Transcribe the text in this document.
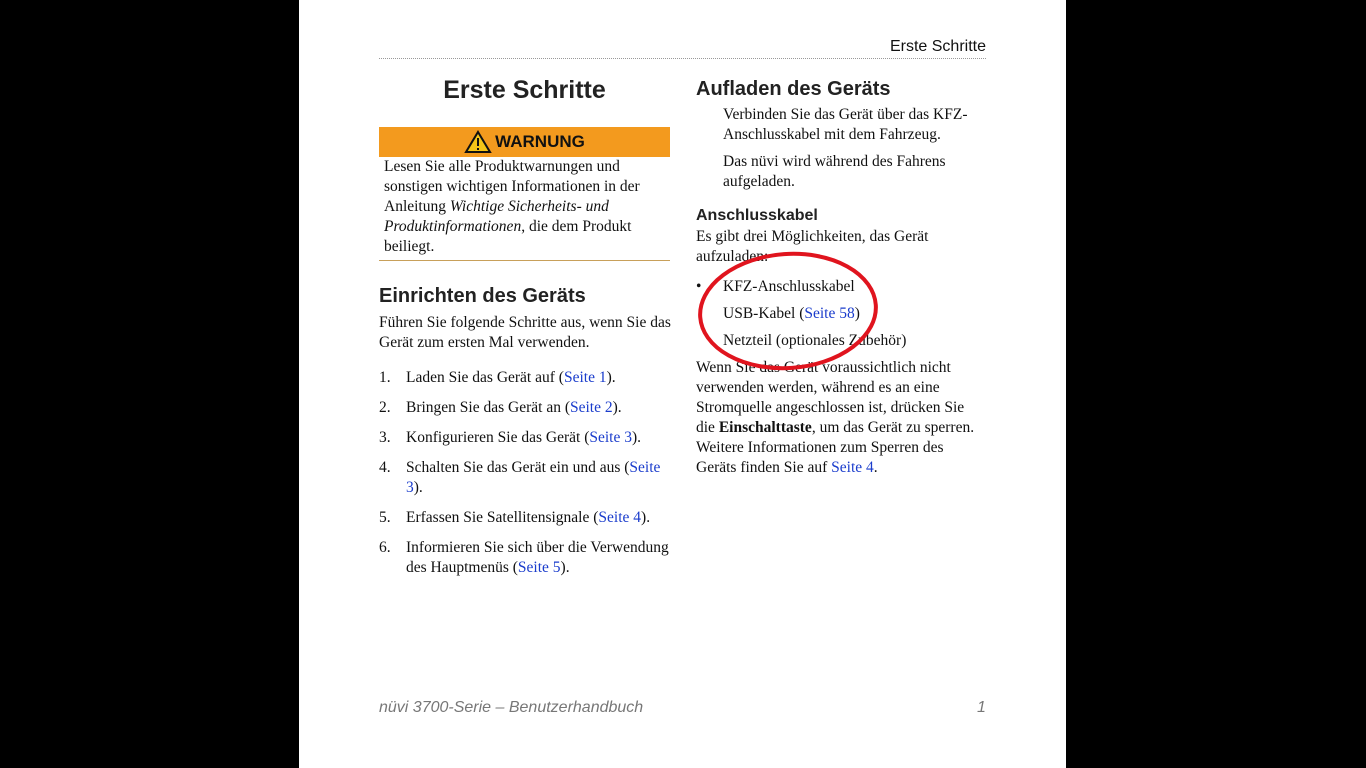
Erste Schritte
Erste Schritte
WARNUNG
Lesen Sie alle Produktwarnungen und sonstigen wichtigen Informationen in der Anleitung Wichtige Sicherheits- und Produktinformationen, die dem Produkt beiliegt.
Einrichten des Geräts
Führen Sie folgende Schritte aus, wenn Sie das Gerät zum ersten Mal verwenden.
1. Laden Sie das Gerät auf (Seite 1).
2. Bringen Sie das Gerät an (Seite 2).
3. Konfigurieren Sie das Gerät (Seite 3).
4. Schalten Sie das Gerät ein und aus (Seite 3).
5. Erfassen Sie Satellitensignale (Seite 4).
6. Informieren Sie sich über die Verwendung des Hauptmenüs (Seite 5).
Aufladen des Geräts
Verbinden Sie das Gerät über das KFZ-Anschlusskabel mit dem Fahrzeug.
Das nüvi wird während des Fahrens aufgeladen.
Anschlusskabel
Es gibt drei Möglichkeiten, das Gerät aufzuladen:
• KFZ-Anschlusskabel
USB-Kabel (Seite 58)
Netzteil (optionales Zubehör)
Wenn Sie das Gerät voraussichtlich nicht verwenden werden, während es an eine Stromquelle angeschlossen ist, drücken Sie die Einschalttaste, um das Gerät zu sperren. Weitere Informationen zum Sperren des Geräts finden Sie auf Seite 4.
nüvi 3700-Serie – Benutzerhandbuch	1
